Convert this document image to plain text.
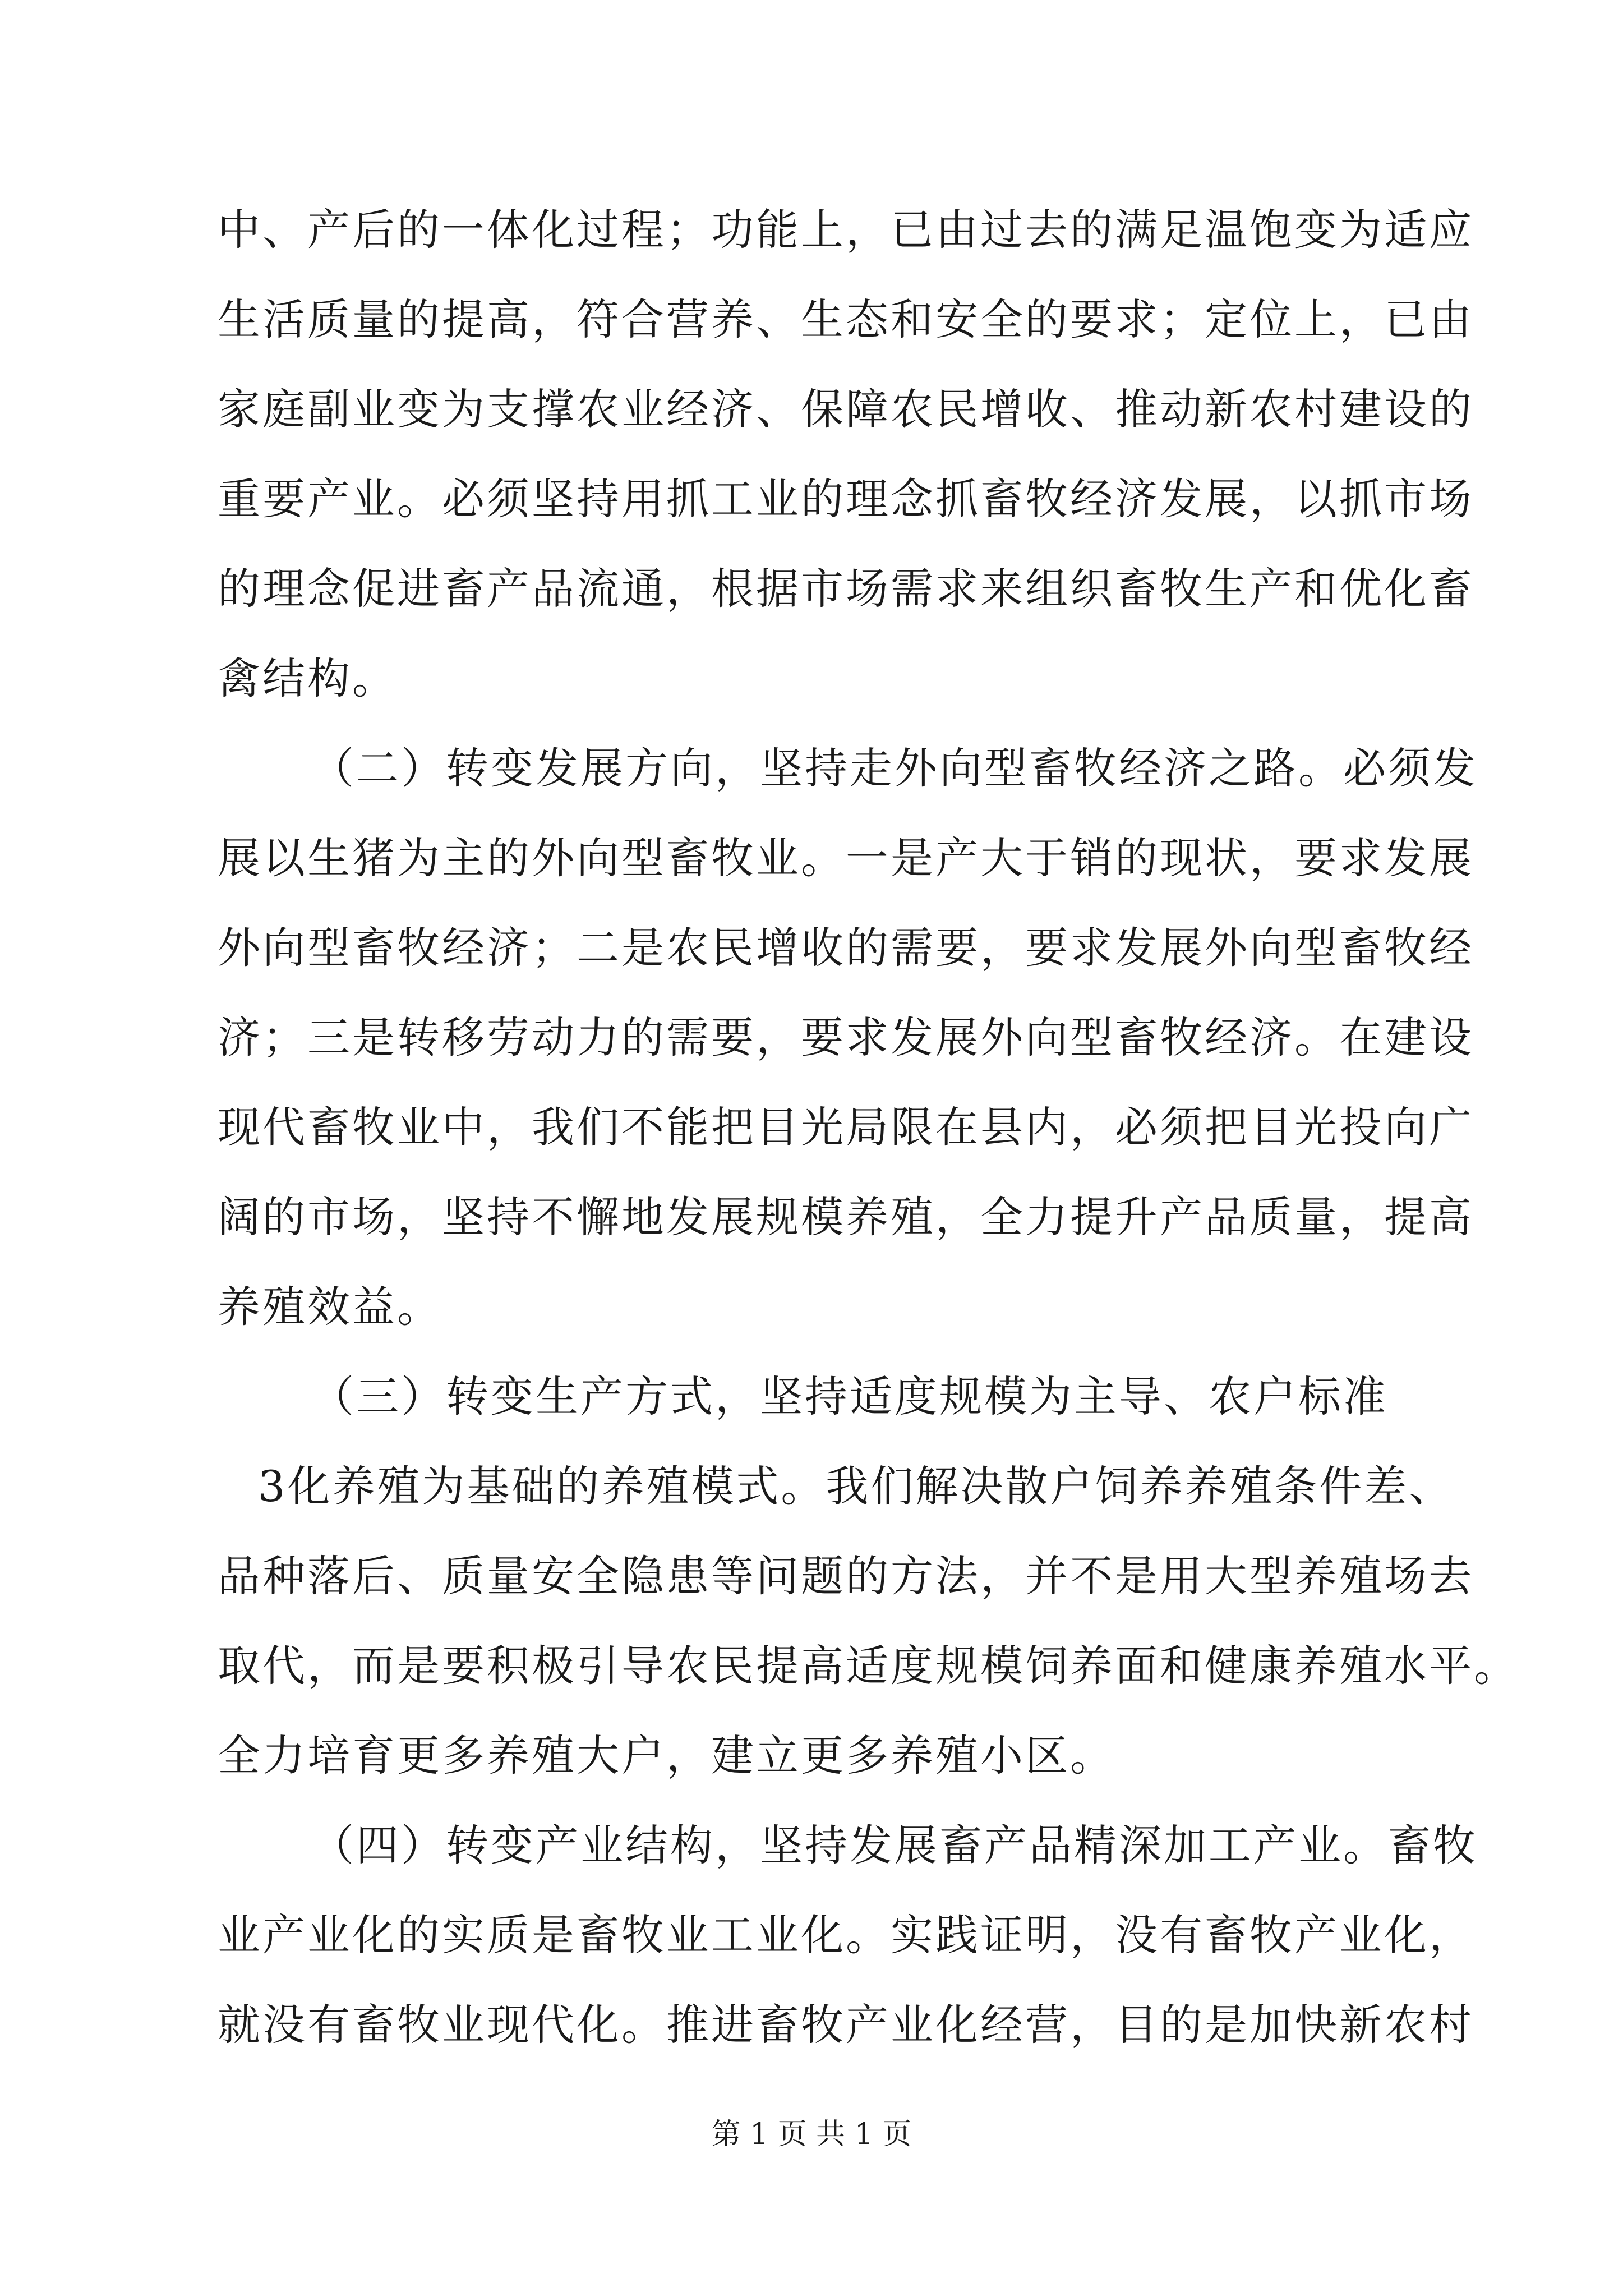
中、产后的一体化过程；功能上，已由过去的满足温饱变为适应
生活质量的提高，符合营养、生态和安全的要求；定位上，已由
家庭副业变为支撑农业经济、保障农民增收、推动新农村建设的
重要产业。必须坚持用抓工业的理念抓畜牧经济发展，以抓市场
的理念促进畜产品流通，根据市场需求来组织畜牧生产和优化畜
禽结构。
（二）转变发展方向，坚持走外向型畜牧经济之路。必须发
展以生猪为主的外向型畜牧业。一是产大于销的现状，要求发展
外向型畜牧经济；二是农民增收的需要，要求发展外向型畜牧经
济；三是转移劳动力的需要，要求发展外向型畜牧经济。在建设
现代畜牧业中，我们不能把目光局限在县内，必须把目光投向广
阔的市场，坚持不懈地发展规模养殖，全力提升产品质量，提高
养殖效益。
（三）转变生产方式，坚持适度规模为主导、农户标准
3化养殖为基础的养殖模式。我们解决散户饲养养殖条件差、
品种落后、质量安全隐患等问题的方法，并不是用大型养殖场去
取代，而是要积极引导农民提高适度规模饲养面和健康养殖水平。
全力培育更多养殖大户，建立更多养殖小区。
（四）转变产业结构，坚持发展畜产品精深加工产业。畜牧
业产业化的实质是畜牧业工业化。实践证明，没有畜牧产业化，
就没有畜牧业现代化。推进畜牧产业化经营，目的是加快新农村
第 1 页 共 1 页
